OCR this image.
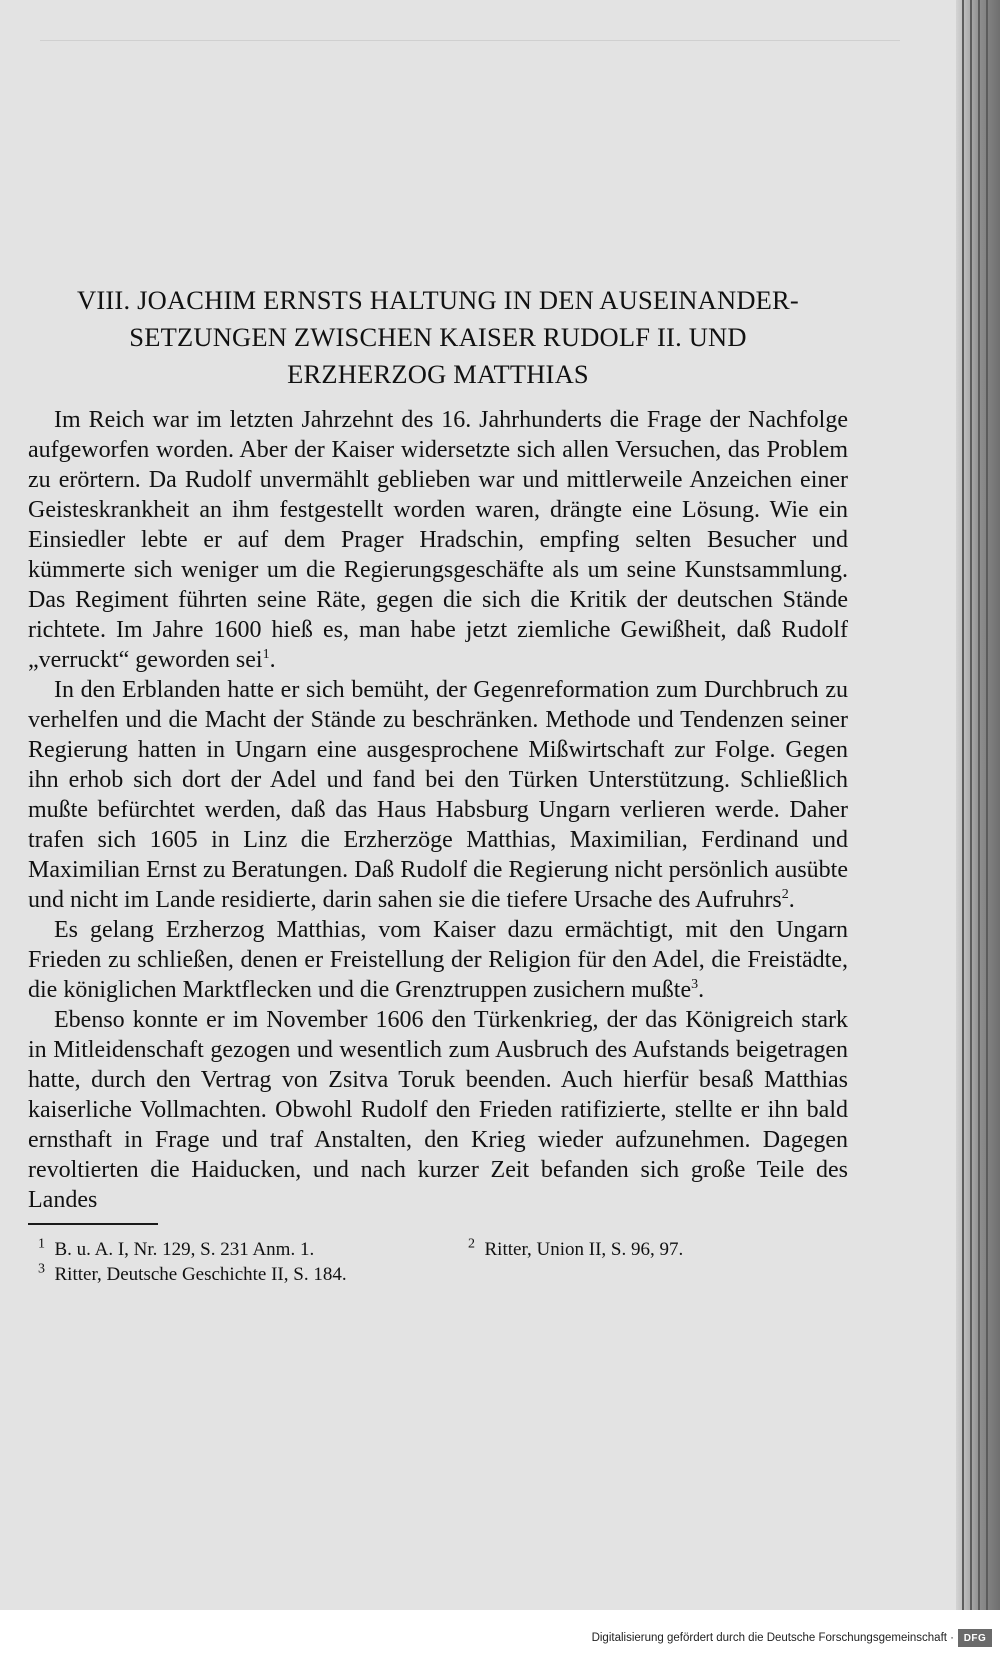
VIII. JOACHIM ERNSTS HALTUNG IN DEN AUSEINANDER-
SETZUNGEN ZWISCHEN KAISER RUDOLF II. UND
ERZHERZOG MATTHIAS

Im Reich war im letzten Jahrzehnt des 16. Jahrhunderts die Frage der Nachfolge aufgeworfen worden. Aber der Kaiser widersetzte sich allen Versuchen, das Problem zu erörtern. Da Rudolf unvermählt geblieben war und mittlerweile Anzeichen einer Geisteskrankheit an ihm festgestellt worden waren, drängte eine Lösung. Wie ein Einsiedler lebte er auf dem Prager Hradschin, empfing selten Besucher und kümmerte sich weniger um die Regierungsgeschäfte als um seine Kunstsammlung. Das Regiment führten seine Räte, gegen die sich die Kritik der deutschen Stände richtete. Im Jahre 1600 hieß es, man habe jetzt ziemliche Gewißheit, daß Rudolf „verruckt“ geworden sei$^1$.

In den Erblanden hatte er sich bemüht, der Gegenreformation zum Durchbruch zu verhelfen und die Macht der Stände zu beschränken. Methode und Tendenzen seiner Regierung hatten in Ungarn eine ausgesprochene Mißwirtschaft zur Folge. Gegen ihn erhob sich dort der Adel und fand bei den Türken Unterstützung. Schließlich mußte befürchtet werden, daß das Haus Habsburg Ungarn verlieren werde. Daher trafen sich 1605 in Linz die Erzherzöge Matthias, Maximilian, Ferdinand und Maximilian Ernst zu Beratungen. Daß Rudolf die Regierung nicht persönlich ausübte und nicht im Lande residierte, darin sahen sie die tiefere Ursache des Aufruhrs$^2$.

Es gelang Erzherzog Matthias, vom Kaiser dazu ermächtigt, mit den Ungarn Frieden zu schließen, denen er Freistellung der Religion für den Adel, die Freistädte, die königlichen Marktflecken und die Grenztruppen zusichern mußte$^3$.

Ebenso konnte er im November 1606 den Türkenkrieg, der das Königreich stark in Mitleidenschaft gezogen und wesentlich zum Ausbruch des Aufstands beigetragen hatte, durch den Vertrag von Zsitva Toruk beenden. Auch hierfür besaß Matthias kaiserliche Vollmachten. Obwohl Rudolf den Frieden ratifizierte, stellte er ihn bald ernsthaft in Frage und traf Anstalten, den Krieg wieder aufzunehmen. Dagegen revoltierten die Haiducken, und nach kurzer Zeit befanden sich große Teile des Landes

$^1$ B. u. A. I, Nr. 129, S. 231 Anm. 1.	$^2$ Ritter, Union II, S. 96, 97.
$^3$ Ritter, Deutsche Geschichte II, S. 184.
Digitalisierung gefördert durch die Deutsche Forschungsgemeinschaft · DFG
